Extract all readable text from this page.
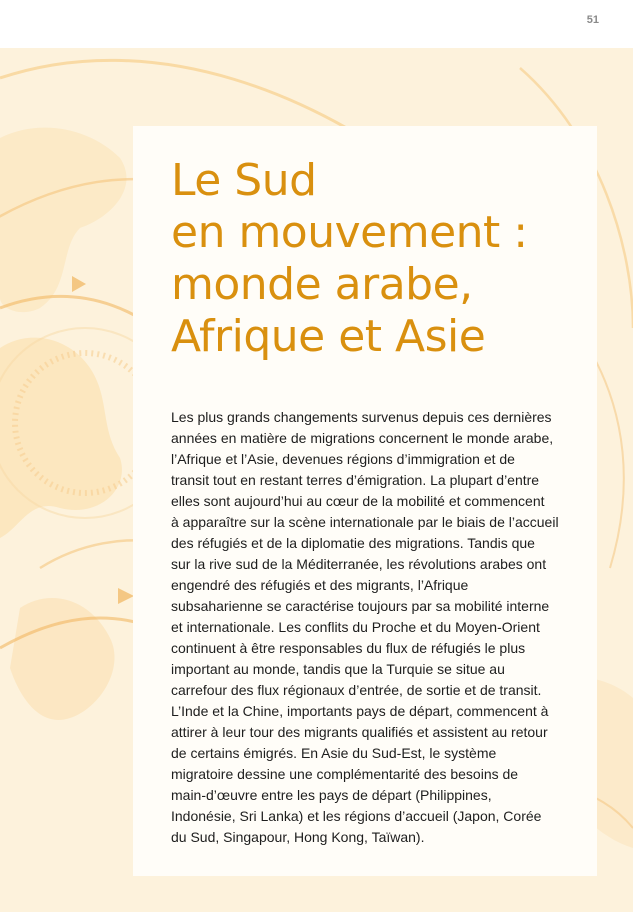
51
Le Sud
en mouvement :
monde arabe,
Afrique et Asie

Les plus grands changements survenus depuis ces dernières
années en matière de migrations concernent le monde arabe,
l’Afrique et l’Asie, devenues régions d’immigration et de
transit tout en restant terres d’émigration. La plupart d’entre
elles sont aujourd’hui au cœur de la mobilité et commencent
à apparaître sur la scène internationale par le biais de l’accueil
des réfugiés et de la diplomatie des migrations. Tandis que
sur la rive sud de la Méditerranée, les révolutions arabes ont
engendré des réfugiés et des migrants, l’Afrique
subsaharienne se caractérise toujours par sa mobilité interne
et internationale. Les conflits du Proche et du Moyen-Orient
continuent à être responsables du flux de réfugiés le plus
important au monde, tandis que la Turquie se situe au
carrefour des flux régionaux d’entrée, de sortie et de transit.
L’Inde et la Chine, importants pays de départ, commencent à
attirer à leur tour des migrants qualifiés et assistent au retour
de certains émigrés. En Asie du Sud-Est, le système
migratoire dessine une complémentarité des besoins de
main-d’œuvre entre les pays de départ (Philippines,
Indonésie, Sri Lanka) et les régions d’accueil (Japon, Corée
du Sud, Singapour, Hong Kong, Taïwan).
